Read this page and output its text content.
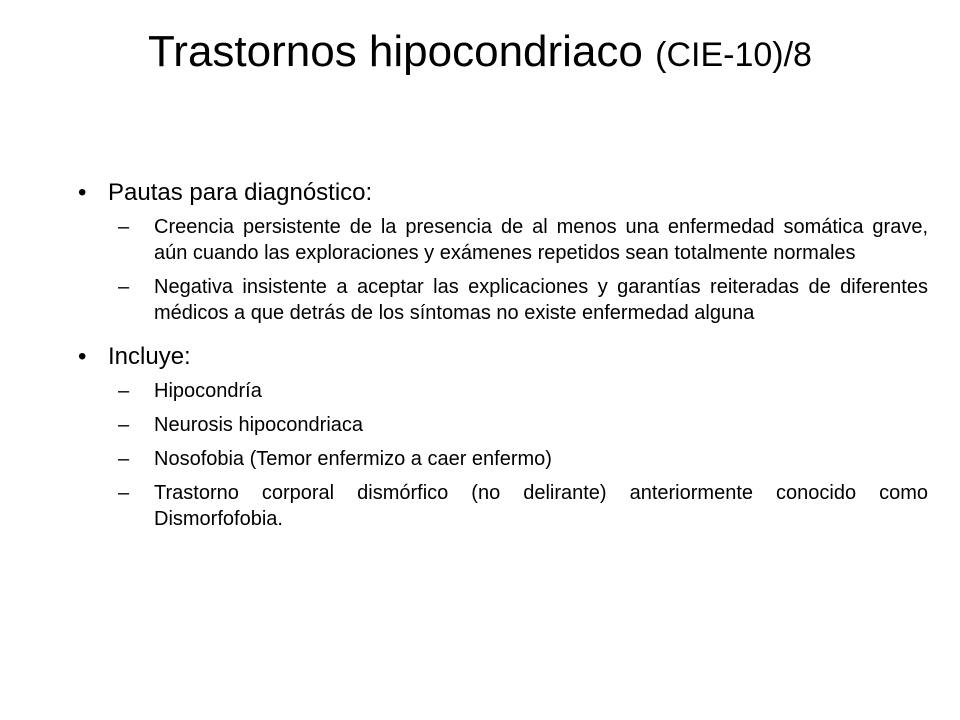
Trastornos hipocondriaco (CIE-10)/8
• Pautas para diagnóstico:
–	Creencia persistente de la presencia de al menos una enfermedad somática grave, aún cuando las exploraciones y exámenes repetidos sean totalmente normales
–	Negativa insistente a aceptar las explicaciones y garantías reiteradas de diferentes médicos a que detrás de los síntomas no existe enfermedad alguna
• Incluye:
–	Hipocondría
–	Neurosis hipocondriaca
–	Nosofobia (Temor enfermizo a caer enfermo)
–	Trastorno corporal dismórfico (no delirante) anteriormente conocido como Dismorfofobia.
